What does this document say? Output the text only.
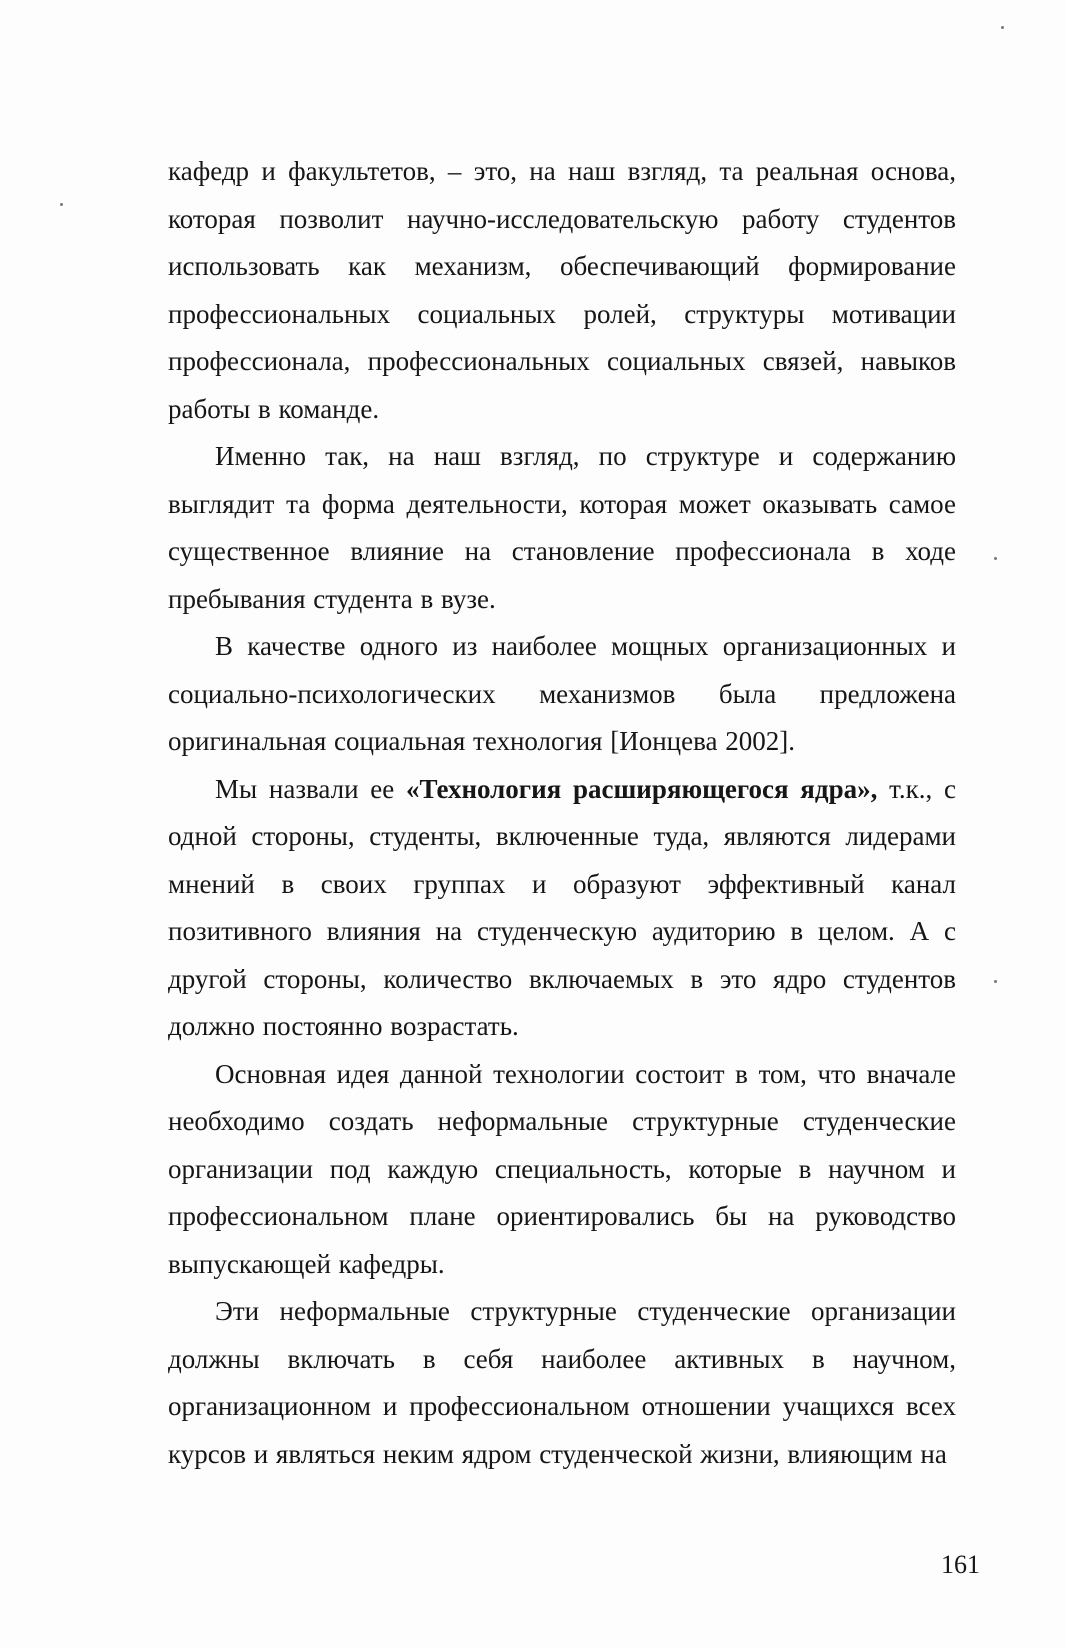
кафедр и факультетов, – это, на наш взгляд, та реальная основа, которая позволит научно-исследовательскую работу студентов использовать как механизм, обеспечивающий формирование профессиональных социальных ролей, структуры мотивации профессионала, профессиональных социальных связей, навыков работы в команде.

Именно так, на наш взгляд, по структуре и содержанию выглядит та форма деятельности, которая может оказывать самое существенное влияние на становление профессионала в ходе пребывания студента в вузе.

В качестве одного из наиболее мощных организационных и социально-психологических механизмов была предложена оригинальная социальная технология [Ионцева 2002].

Мы назвали ее «Технология расширяющегося ядра», т.к., с одной стороны, студенты, включенные туда, являются лидерами мнений в своих группах и образуют эффективный канал позитивного влияния на студенческую аудиторию в целом. А с другой стороны, количество включаемых в это ядро студентов должно постоянно возрастать.

Основная идея данной технологии состоит в том, что вначале необходимо создать неформальные структурные студенческие организации под каждую специальность, которые в научном и профессиональном плане ориентировались бы на руководство выпускающей кафедры.

Эти неформальные структурные студенческие организации должны включать в себя наиболее активных в научном, организационном и профессиональном отношении учащихся всех курсов и являться неким ядром студенческой жизни, влияющим на

161
